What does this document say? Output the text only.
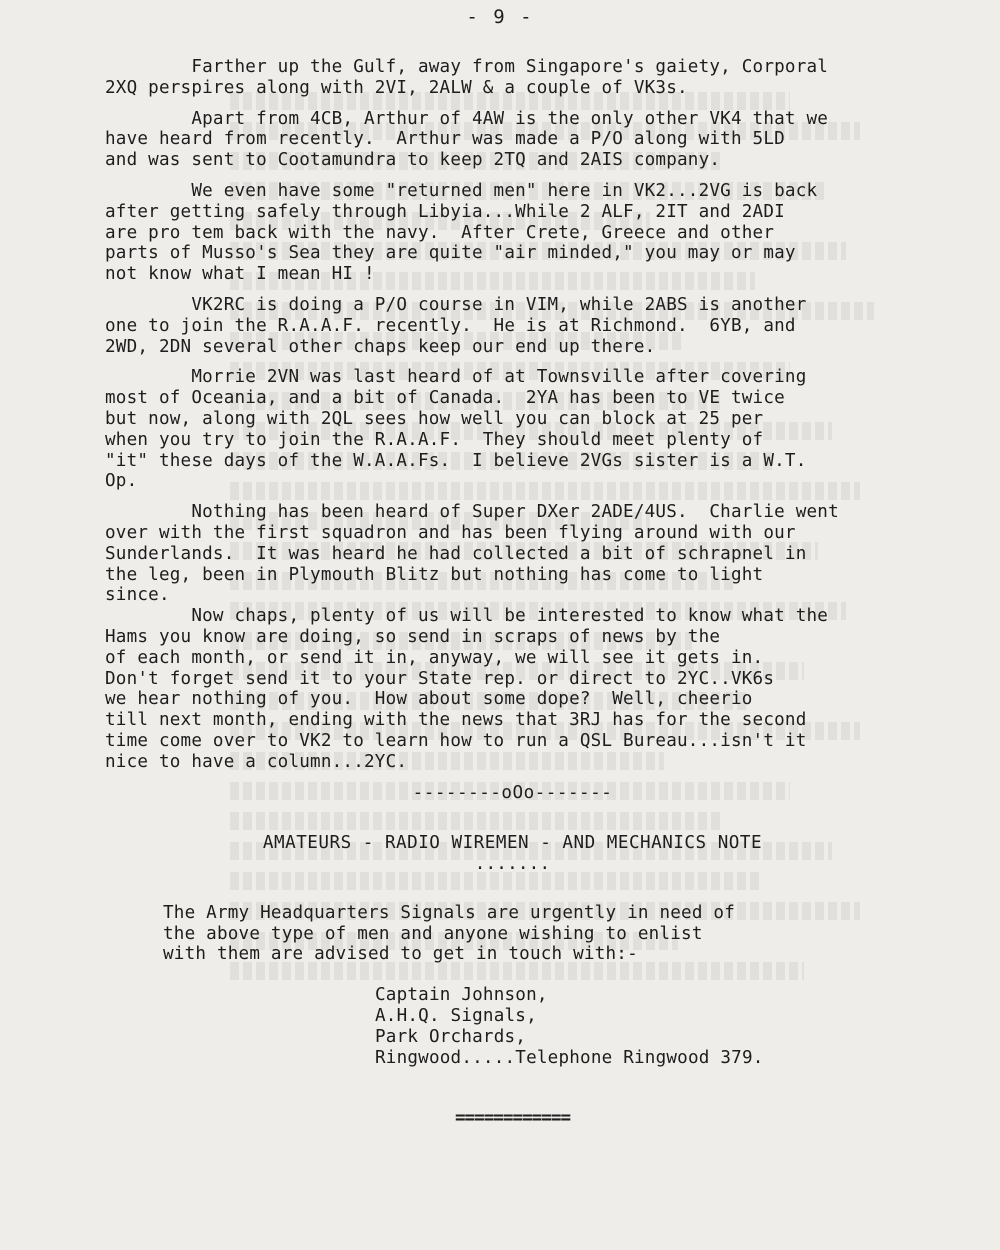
- 9 -

Farther up the Gulf, away from Singapore's gaiety, Corporal
2XQ perspires along with 2VI, 2ALW & a couple of VK3s.

Apart from 4CB, Arthur of 4AW is the only other VK4 that we
have heard from recently.  Arthur was made a P/O along with 5LD
and was sent to Cootamundra to keep 2TQ and 2AIS company.

We even have some "returned men" here in VK2...2VG is back
after getting safely through Libyia...While 2 ALF, 2IT and 2ADI
are pro tem back with the navy.  After Crete, Greece and other
parts of Musso's Sea they are quite "air minded," you may or may
not know what I mean HI !

VK2RC is doing a P/O course in VIM, while 2ABS is another
one to join the R.A.A.F. recently.  He is at Richmond.  6YB, and
2WD, 2DN several other chaps keep our end up there.

Morrie 2VN was last heard of at Townsville after covering
most of Oceania, and a bit of Canada.  2YA has been to VE twice
but now, along with 2QL sees how well you can block at 25 per
when you try to join the R.A.A.F.  They should meet plenty of
"it" these days of the W.A.A.Fs.  I believe 2VGs sister is a W.T.
Op.

Nothing has been heard of Super DXer 2ADE/4US.  Charlie went
over with the first squadron and has been flying around with our
Sunderlands.  It was heard he had collected a bit of schrapnel in
the leg, been in Plymouth Blitz but nothing has come to light
since.
Now chaps, plenty of us will be interested to know what the
Hams you know are doing, so send in scraps of news by the
of each month, or send it in, anyway, we will see it gets in.
Don't forget send it to your State rep. or direct to 2YC..VK6s
we hear nothing of you.  How about some dope?  Well, cheerio
till next month, ending with the news that 3RJ has for the second
time come over to VK2 to learn how to run a QSL Bureau...isn't it
nice to have a column...2YC.

--------oOo-------
AMATEURS - RADIO WIREMEN - AND MECHANICS NOTE
.......
The Army Headquarters Signals are urgently in need of
the above type of men and anyone wishing to enlist
with them are advised to get in touch with:-
Captain Johnson,
A.H.Q. Signals,
Park Orchards,
Ringwood.....Telephone Ringwood 379.
============
